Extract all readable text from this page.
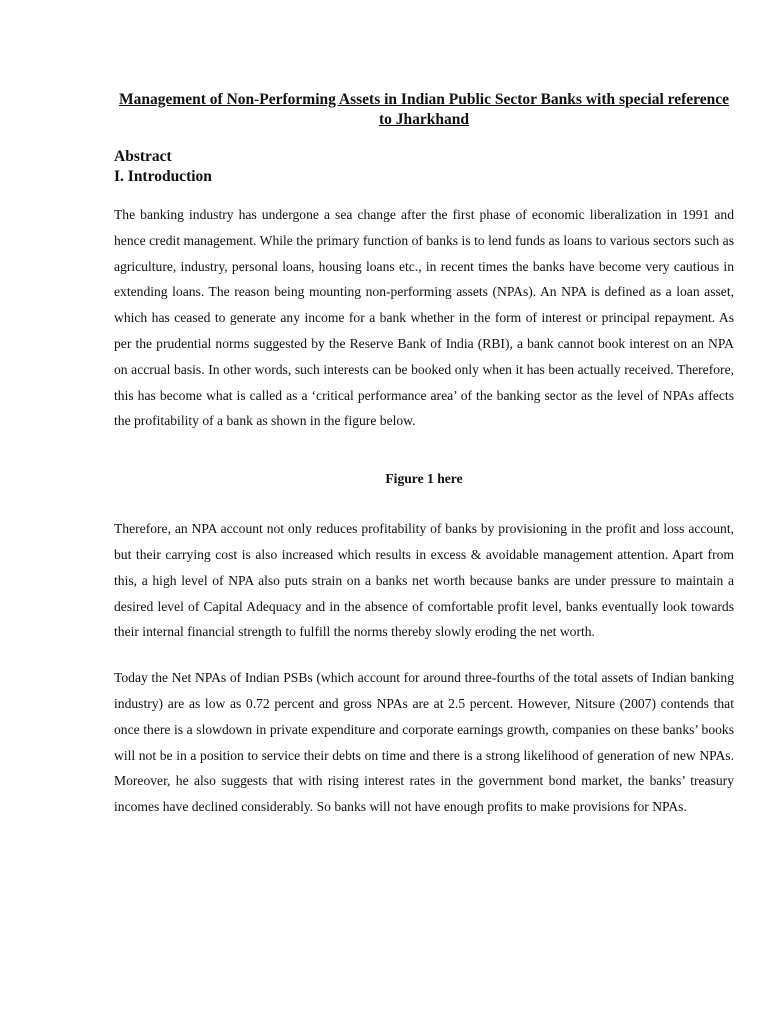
Management of Non-Performing Assets in Indian Public Sector Banks with special reference to Jharkhand
Abstract
I. Introduction

The banking industry has undergone a sea change after the first phase of economic liberalization in 1991 and hence credit management. While the primary function of banks is to lend funds as loans to various sectors such as agriculture, industry, personal loans, housing loans etc., in recent times the banks have become very cautious in extending loans. The reason being mounting non-performing assets (NPAs). An NPA is defined as a loan asset, which has ceased to generate any income for a bank whether in the form of interest or principal repayment. As per the prudential norms suggested by the Reserve Bank of India (RBI), a bank cannot book interest on an NPA on accrual basis. In other words, such interests can be booked only when it has been actually received. Therefore, this has become what is called as a ‘critical performance area’ of the banking sector as the level of NPAs affects the profitability of a bank as shown in the figure below.

Figure 1 here

Therefore, an NPA account not only reduces profitability of banks by provisioning in the profit and loss account, but their carrying cost is also increased which results in excess & avoidable management attention. Apart from this, a high level of NPA also puts strain on a banks net worth because banks are under pressure to maintain a desired level of Capital Adequacy and in the absence of comfortable profit level, banks eventually look towards their internal financial strength to fulfill the norms thereby slowly eroding the net worth.

Today the Net NPAs of Indian PSBs (which account for around three-fourths of the total assets of Indian banking industry) are as low as 0.72 percent and gross NPAs are at 2.5 percent. However, Nitsure (2007) contends that once there is a slowdown in private expenditure and corporate earnings growth, companies on these banks’ books will not be in a position to service their debts on time and there is a strong likelihood of generation of new NPAs. Moreover, he also suggests that with rising interest rates in the government bond market, the banks’ treasury incomes have declined considerably. So banks will not have enough profits to make provisions for NPAs.
